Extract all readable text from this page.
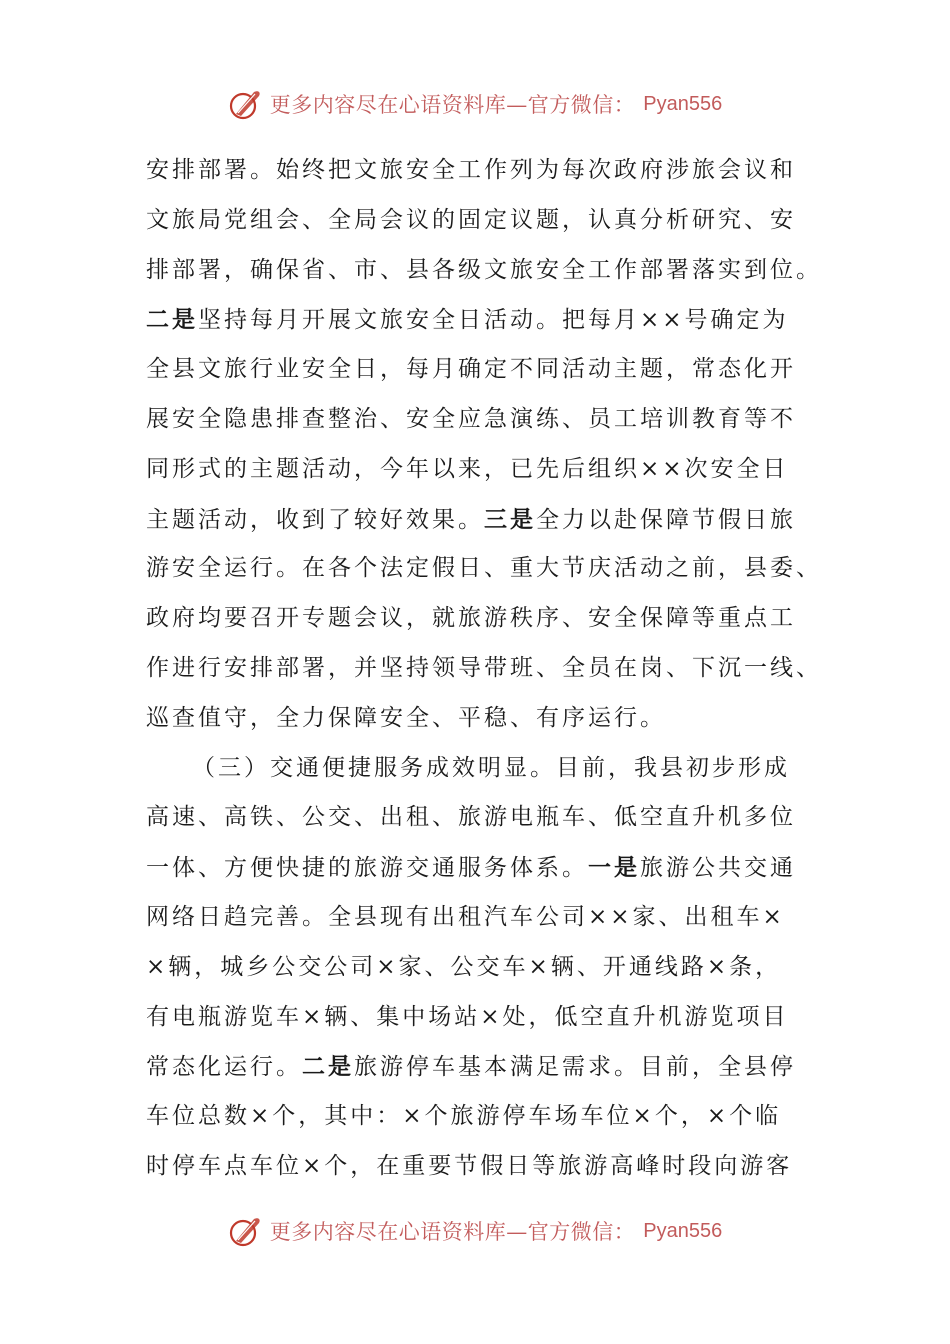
更多内容尽在心语资料库—官方微信： Pyan556
安排部署。始终把文旅安全工作列为每次政府涉旅会议和
文旅局党组会、全局会议的固定议题，认真分析研究、安
排部署，确保省、市、县各级文旅安全工作部署落实到位。
二是坚持每月开展文旅安全日活动。把每月××号确定为
全县文旅行业安全日，每月确定不同活动主题，常态化开
展安全隐患排查整治、安全应急演练、员工培训教育等不
同形式的主题活动，今年以来，已先后组织××次安全日
主题活动，收到了较好效果。三是全力以赴保障节假日旅
游安全运行。在各个法定假日、重大节庆活动之前，县委、
政府均要召开专题会议，就旅游秩序、安全保障等重点工
作进行安排部署，并坚持领导带班、全员在岗、下沉一线、
巡查值守，全力保障安全、平稳、有序运行。
（三）交通便捷服务成效明显。目前，我县初步形成
高速、高铁、公交、出租、旅游电瓶车、低空直升机多位
一体、方便快捷的旅游交通服务体系。一是旅游公共交通
网络日趋完善。全县现有出租汽车公司××家、出租车×
×辆，城乡公交公司×家、公交车×辆、开通线路×条，
有电瓶游览车×辆、集中场站×处，低空直升机游览项目
常态化运行。二是旅游停车基本满足需求。目前，全县停
车位总数×个，其中：×个旅游停车场车位×个，×个临
时停车点车位×个，在重要节假日等旅游高峰时段向游客
更多内容尽在心语资料库—官方微信： Pyan556
